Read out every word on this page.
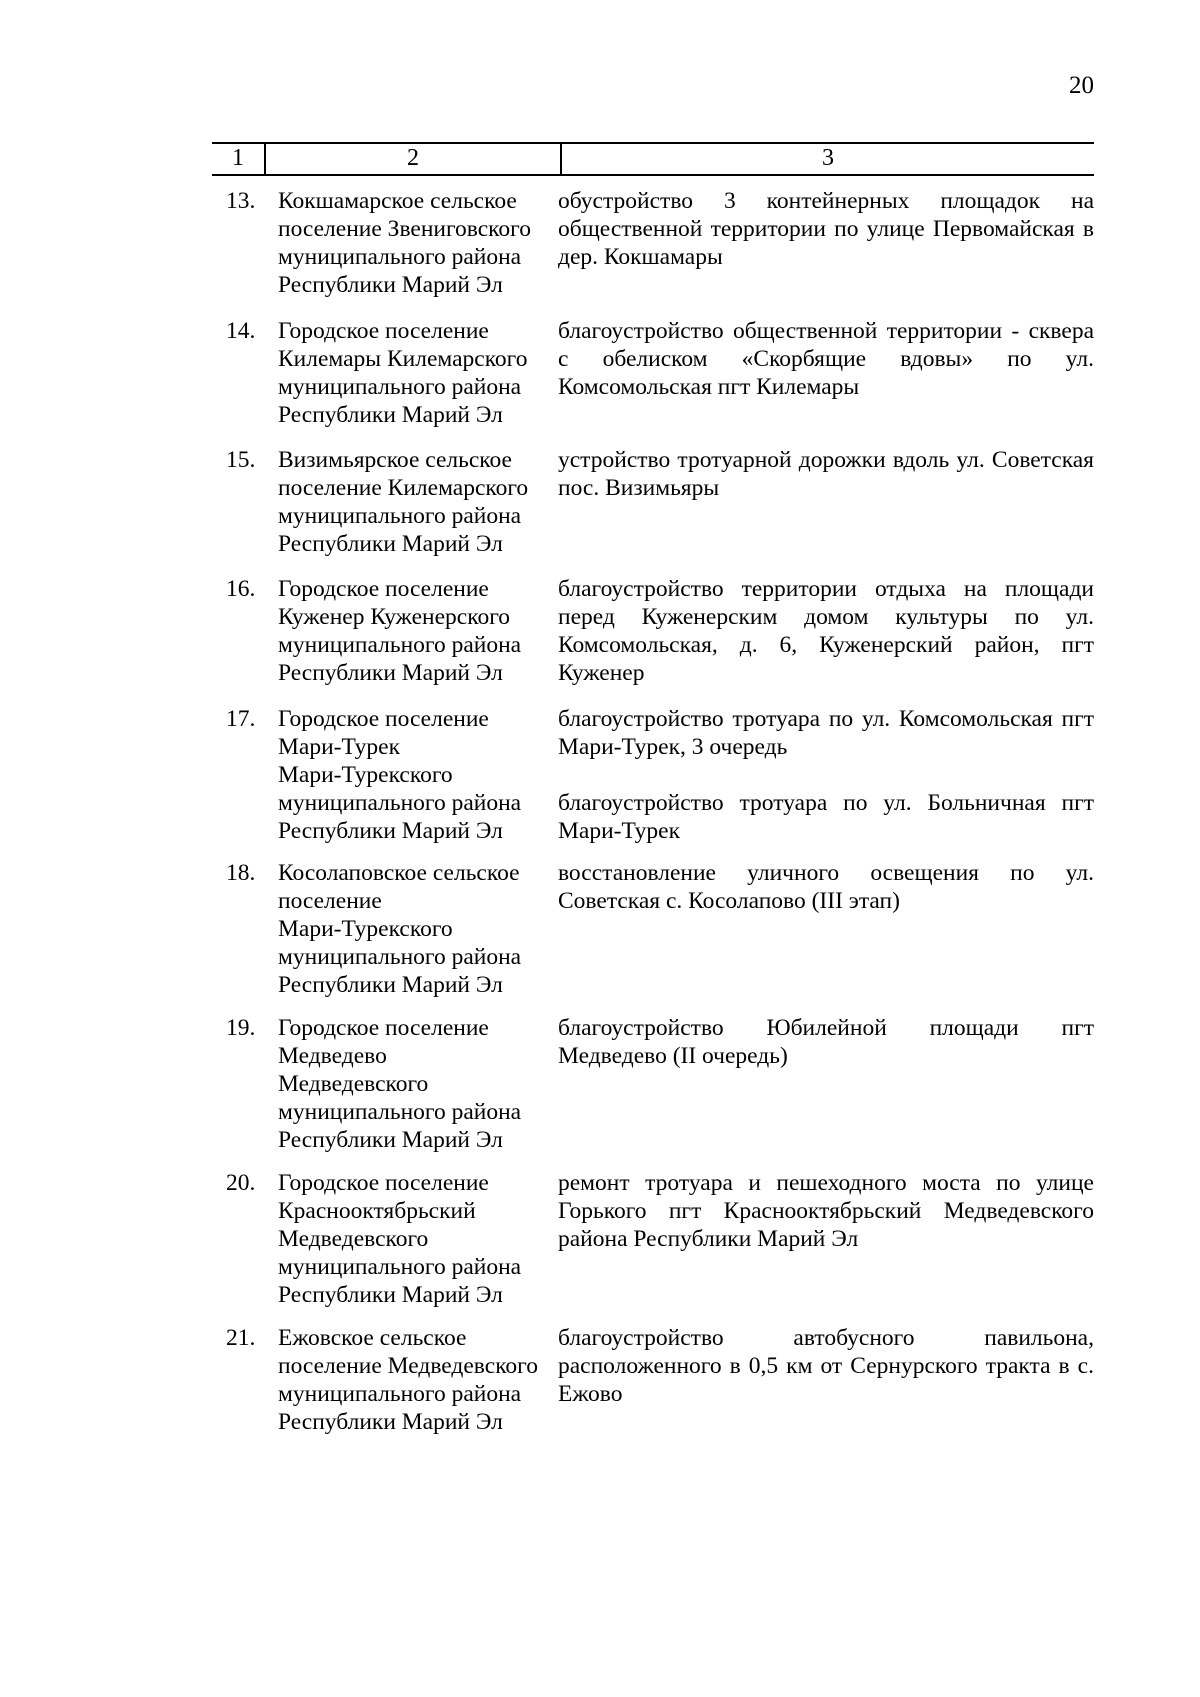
20
1	2	3
13. Кокшамарское сельское
поселение Звениговского
муниципального района
Республики Марий Эл

обустройство 3 контейнерных площадок на общественной территории по улице Первомайская в дер. Кокшамары

14. Городское поселение
Килемары Килемарского
муниципального района
Республики Марий Эл

благоустройство общественной территории - сквера с обелиском «Скорбящие вдовы» по ул. Комсомольская пгт Килемары

15. Визимьярское сельское
поселение Килемарского
муниципального района
Республики Марий Эл

устройство тротуарной дорожки вдоль ул. Советская пос. Визимьяры

16. Городское поселение
Куженер Куженерского
муниципального района
Республики Марий Эл

благоустройство территории отдыха на площади перед Куженерским домом культуры по ул. Комсомольская, д. 6, Куженерский район, пгт Куженер

17. Городское поселение
Мари-Турек
Мари-Турекского
муниципального района
Республики Марий Эл

благоустройство тротуара по ул. Комсомольская пгт Мари-Турек, 3 очередь

благоустройство тротуара по ул. Больничная пгт Мари-Турек

18. Косолаповское сельское
поселение
Мари-Турекского
муниципального района
Республики Марий Эл

восстановление уличного освещения по ул. Советская с. Косолапово (III этап)

19. Городское поселение
Медведево
Медведевского
муниципального района
Республики Марий Эл

благоустройство Юбилейной площади пгт Медведево (II очередь)

20. Городское поселение
Краснооктябрьский
Медведевского
муниципального района
Республики Марий Эл

ремонт тротуара и пешеходного моста по улице Горького пгт Краснооктябрьский Медведевского района Республики Марий Эл

21. Ежовское сельское
поселение Медведевского
муниципального района
Республики Марий Эл

благоустройство автобусного павильона, расположенного в 0,5 км от Сернурского тракта в с. Ежово
